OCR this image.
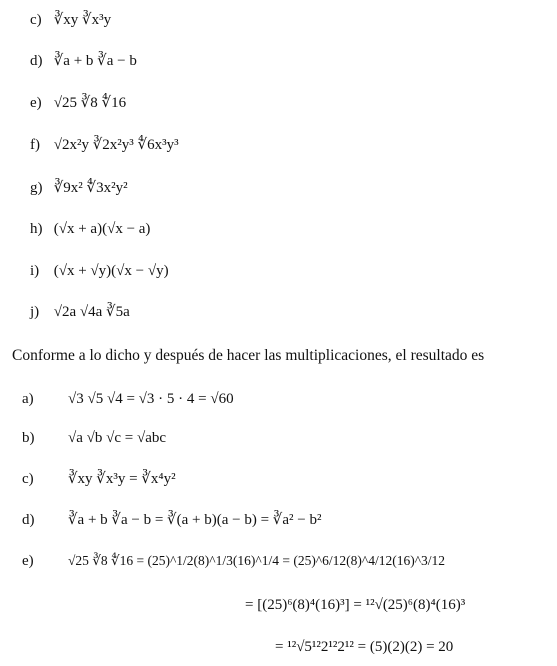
c) ∛xy ∛x³y
d) ∛a + b ∛a − b
e) √25 ∛8 ∜16
f) √2x²y ∛2x²y³ ∜6x³y³
g) ∛9x² ∜3x²y²
h) (√x + a)(√x − a)
i) (√x + √y)(√x − √y)
j) √2a √4a ∛5a
Conforme a lo dicho y después de hacer las multiplicaciones, el resultado es
a) √3 √5 √4 = √3 · 5 · 4 = √60
b) √a √b √c = √abc
c) ∛xy ∛x³y = ∛x⁴y²
d) ∛a + b ∛a − b = ∛(a + b)(a − b) = ∛a² − b²
e)	√25 ∛8 ∜16 = (25)^1/2(8)^1/3(16)^1/4 = (25)^6/12(8)^4/12(16)^3/12
= [(25)⁶(8)⁴(16)³] = ¹²√(25)⁶(8)⁴(16)³
= ¹²√5¹²2¹²2¹² = (5)(2)(2) = 20
